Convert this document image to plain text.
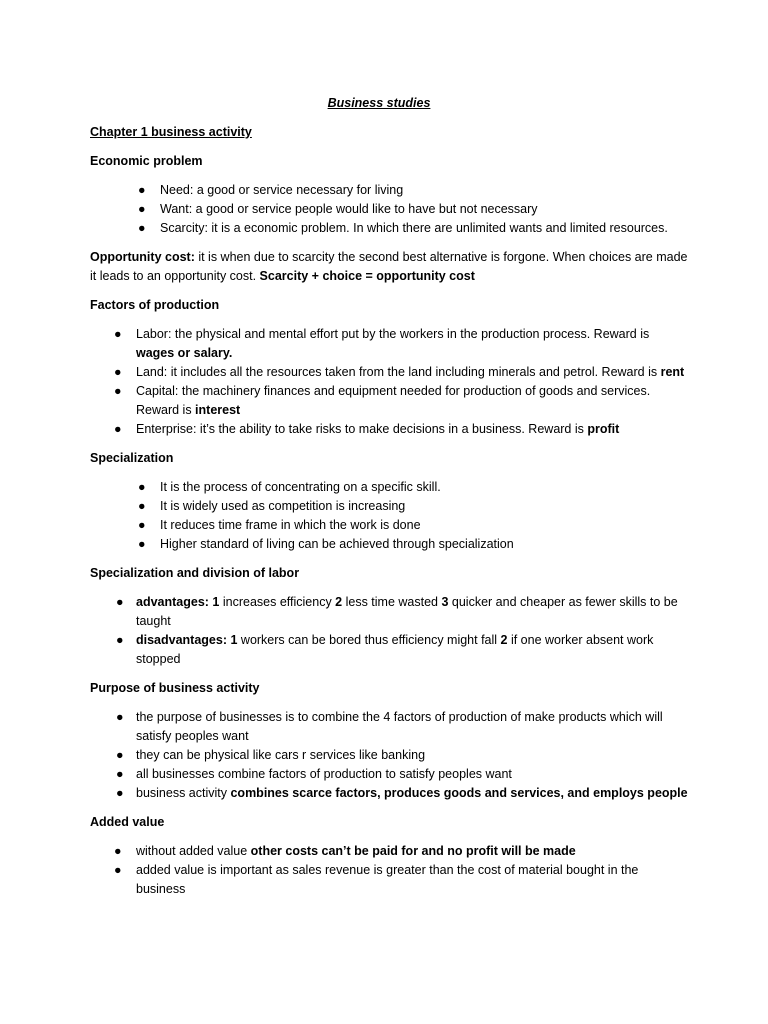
Business studies

Chapter 1 business activity

Economic problem

● Need: a good or service necessary for living
● Want: a good or service people would like to have but not necessary
● Scarcity: it is a economic problem. In which there are unlimited wants and limited resources.

Opportunity cost: it is when due to scarcity the second best alternative is forgone. When choices are made it leads to an opportunity cost. Scarcity + choice = opportunity cost

Factors of production

● Labor: the physical and mental effort put by the workers in the production process. Reward is wages or salary.
● Land: it includes all the resources taken from the land including minerals and petrol. Reward is rent
● Capital: the machinery finances and equipment needed for production of goods and services. Reward is interest
● Enterprise: it’s the ability to take risks to make decisions in a business. Reward is profit

Specialization

● It is the process of concentrating on a specific skill.
● It is widely used as competition is increasing
● It reduces time frame in which the work is done
● Higher standard of living can be achieved through specialization

Specialization and division of labor

● advantages: 1 increases efficiency 2 less time wasted 3 quicker and cheaper as fewer skills to be taught
● disadvantages: 1 workers can be bored thus efficiency might fall 2 if one worker absent work stopped

Purpose of business activity

● the purpose of businesses is to combine the 4 factors of production of make products which will satisfy peoples want
● they can be physical like cars r services like banking
● all businesses combine factors of production to satisfy peoples want
● business activity combines scarce factors, produces goods and services, and employs people

Added value

● without added value other costs can’t be paid for and no profit will be made
● added value is important as sales revenue is greater than the cost of material bought in the business
